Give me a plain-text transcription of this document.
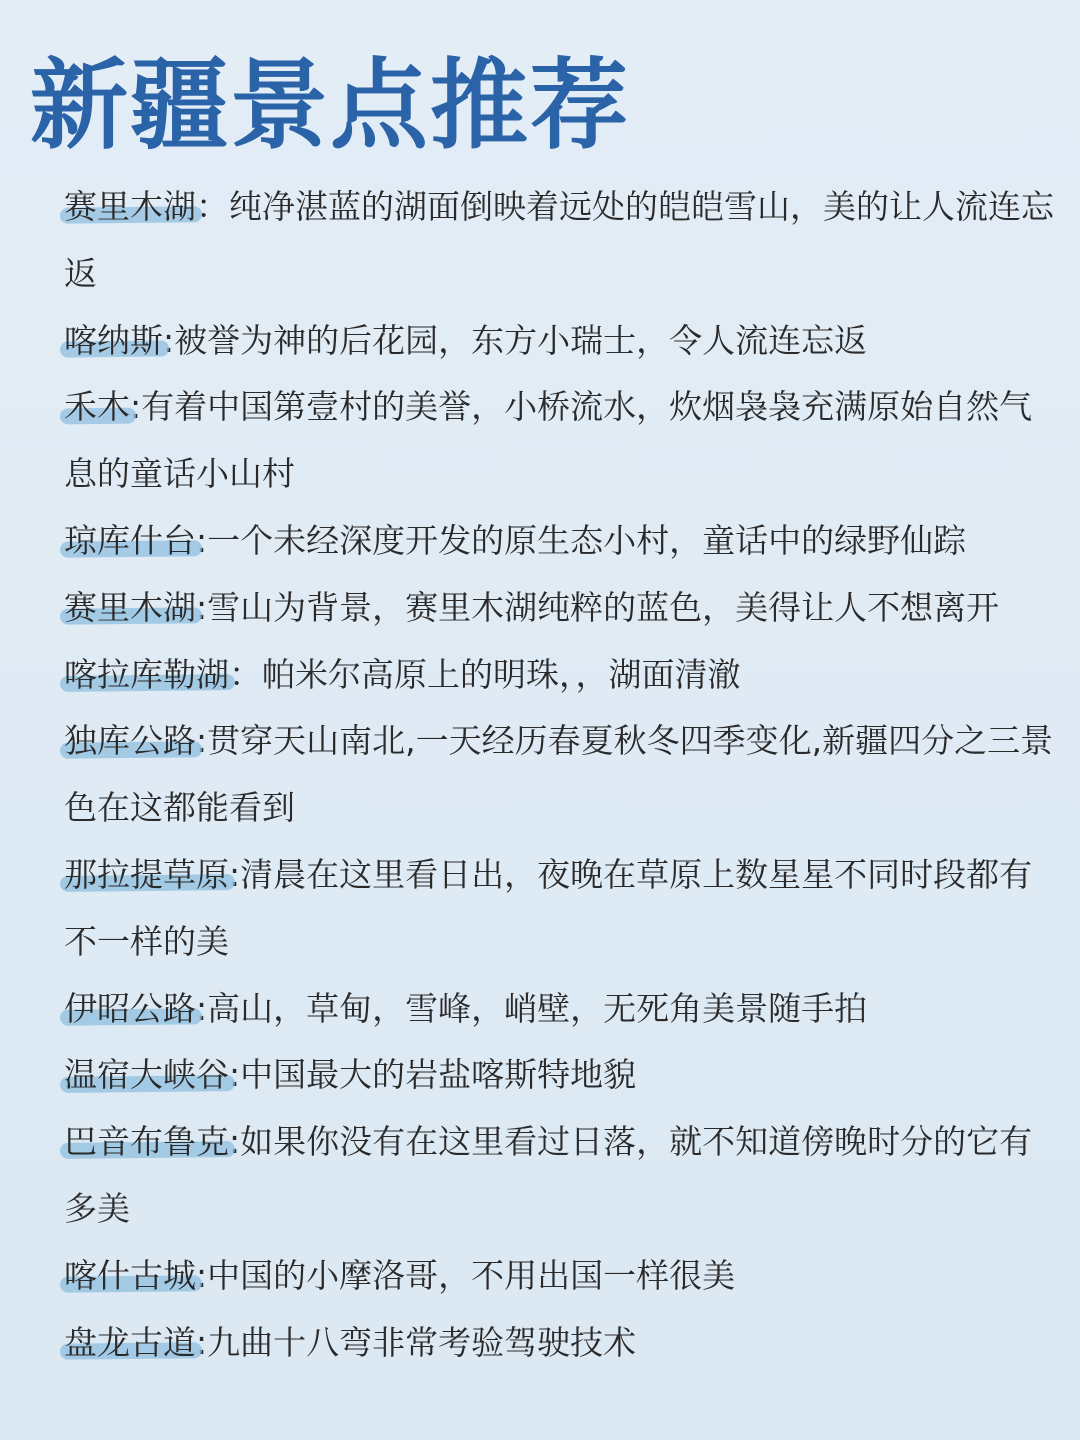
新疆景点推荐

赛里木湖：纯净湛蓝的湖面倒映着远处的皑皑雪山，美的让人流连忘返

喀纳斯:被誉为神的后花园，东方小瑞士，令人流连忘返

禾木:有着中国第壹村的美誉，小桥流水，炊烟袅袅充满原始自然气息的童话小山村

琼库什台:一个未经深度开发的原生态小村，童话中的绿野仙踪

赛里木湖:雪山为背景，赛里木湖纯粹的蓝色，美得让人不想离开

喀拉库勒湖：帕米尔高原上的明珠，，湖面清澈

独库公路:贯穿天山南北,一天经历春夏秋冬四季变化,新疆四分之三景色在这都能看到

那拉提草原:清晨在这里看日出，夜晚在草原上数星星不同时段都有不一样的美

伊昭公路:高山，草甸，雪峰，峭壁，无死角美景随手拍

温宿大峡谷:中国最大的岩盐喀斯特地貌

巴音布鲁克:如果你没有在这里看过日落，就不知道傍晚时分的它有多美

喀什古城:中国的小摩洛哥，不用出国一样很美

盘龙古道:九曲十八弯非常考验驾驶技术
